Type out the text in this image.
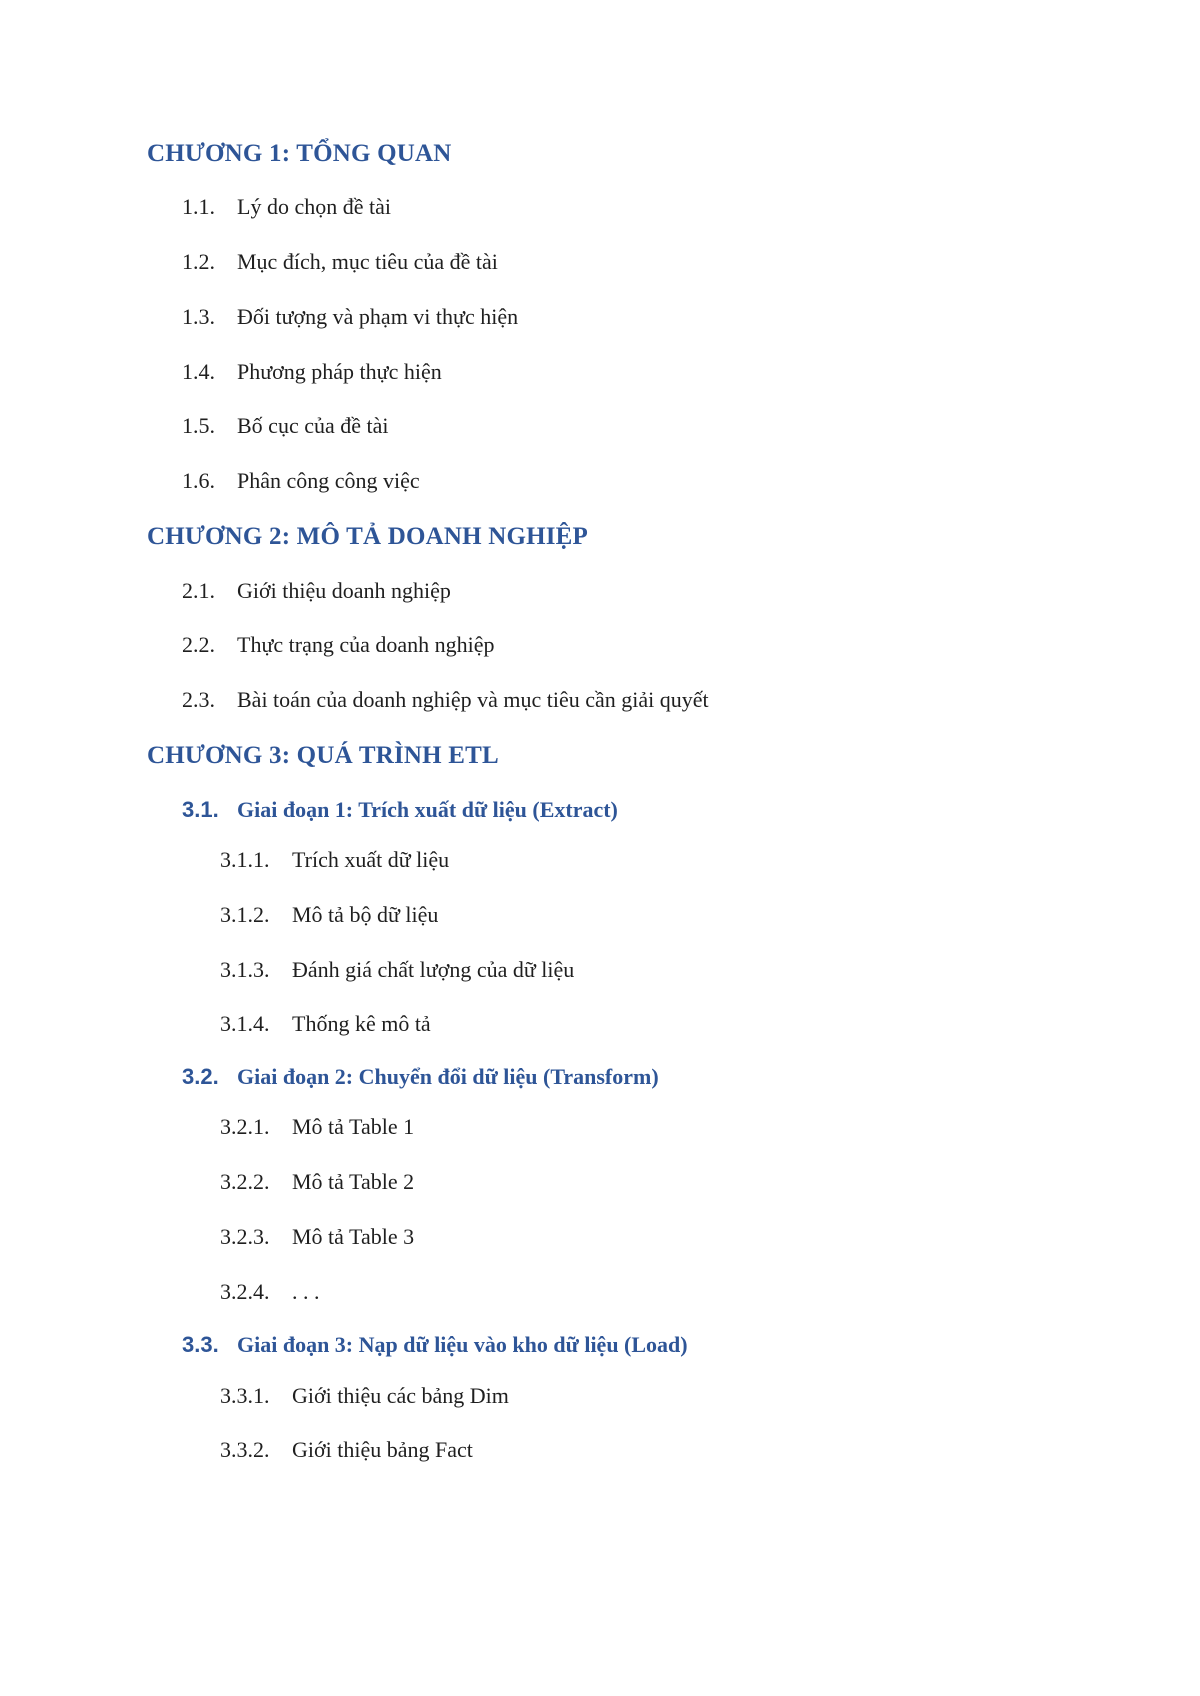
CHƯƠNG 1: TỔNG QUAN
1.1. Lý do chọn đề tài
1.2. Mục đích, mục tiêu của đề tài
1.3. Đối tượng và phạm vi thực hiện
1.4. Phương pháp thực hiện
1.5. Bố cục của đề tài
1.6. Phân công công việc
CHƯƠNG 2: MÔ TẢ DOANH NGHIỆP
2.1. Giới thiệu doanh nghiệp
2.2. Thực trạng của doanh nghiệp
2.3. Bài toán của doanh nghiệp và mục tiêu cần giải quyết
CHƯƠNG 3: QUÁ TRÌNH ETL
3.1. Giai đoạn 1: Trích xuất dữ liệu (Extract)
3.1.1. Trích xuất dữ liệu
3.1.2. Mô tả bộ dữ liệu
3.1.3. Đánh giá chất lượng của dữ liệu
3.1.4. Thống kê mô tả
3.2. Giai đoạn 2: Chuyển đổi dữ liệu (Transform)
3.2.1. Mô tả Table 1
3.2.2. Mô tả Table 2
3.2.3. Mô tả Table 3
3.2.4. . . .
3.3. Giai đoạn 3: Nạp dữ liệu vào kho dữ liệu (Load)
3.3.1. Giới thiệu các bảng Dim
3.3.2. Giới thiệu bảng Fact
